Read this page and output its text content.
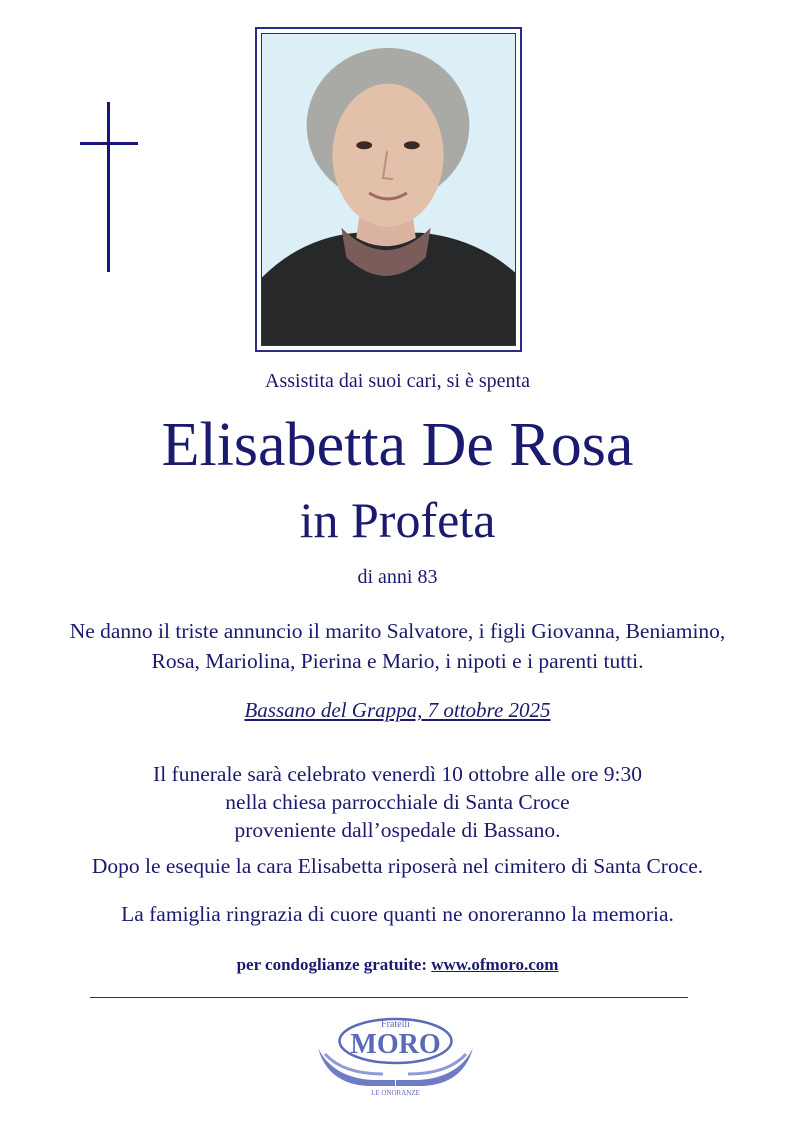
Assistita dai suoi cari, si è spenta
Elisabetta De Rosa
in Profeta
di anni 83
Ne danno il triste annuncio il marito Salvatore, i figli Giovanna, Beniamino,
Rosa, Mariolina, Pierina e Mario, i nipoti e i parenti tutti.
Bassano del Grappa, 7 ottobre 2025
Il funerale sarà celebrato venerdì 10 ottobre alle ore 9:30
nella chiesa parrocchiale di Santa Croce
proveniente dall’ospedale di Bassano.
Dopo le esequie la cara Elisabetta riposerà nel cimitero di Santa Croce.
La famiglia ringrazia di cuore quanti ne onoreranno la memoria.
per condoglianze gratuite: www.ofmoro.com
Fratelli
MORO
LE ONORANZE
